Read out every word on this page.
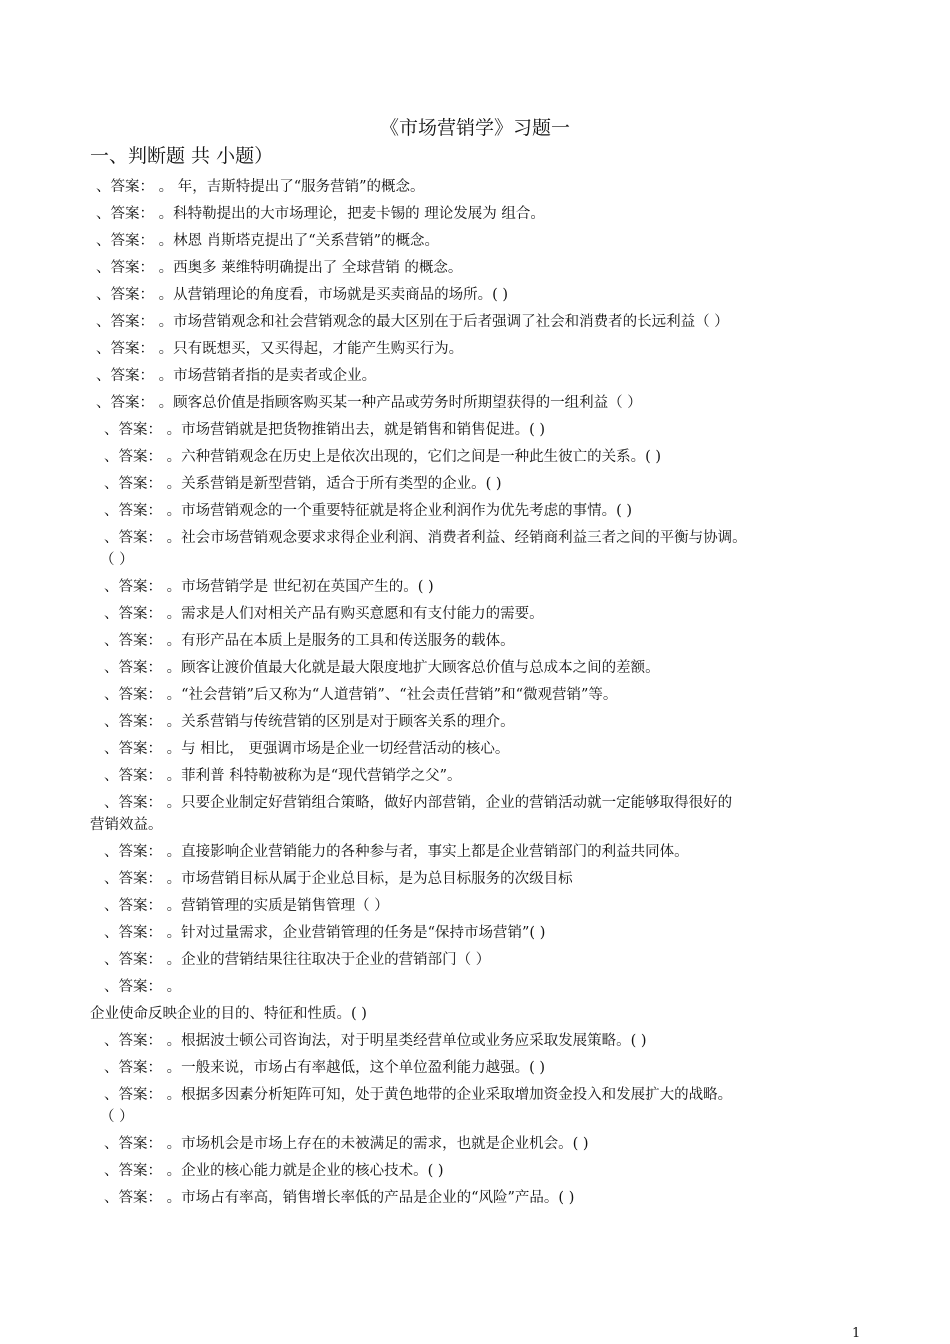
《市场营销学》习题一
一、判断题 共 小题）
、答案： 。 年，吉斯特提出了“服务营销”的概念。
、答案： 。科特勒提出的大市场理论，把麦卡锡的 理论发展为 组合。
、答案： 。林恩 肖斯塔克提出了“关系营销”的概念。
、答案： 。西奥多 莱维特明确提出了 全球营销 的概念。
、答案： 。从营销理论的角度看，市场就是买卖商品的场所。( )
、答案： 。市场营销观念和社会营销观念的最大区别在于后者强调了社会和消费者的长远利益（ ）
、答案： 。只有既想买，又买得起，才能产生购买行为。
、答案： 。市场营销者指的是卖者或企业。
、答案： 。顾客总价值是指顾客购买某一种产品或劳务时所期望获得的一组利益（ ）
、答案： 。市场营销就是把货物推销出去，就是销售和销售促进。( )
、答案： 。六种营销观念在历史上是依次出现的，它们之间是一种此生彼亡的关系。( )
、答案： 。关系营销是新型营销，适合于所有类型的企业。( )
、答案： 。市场营销观念的一个重要特征就是将企业利润作为优先考虑的事情。( )
、答案： 。社会市场营销观念要求求得企业利润、消费者利益、经销商利益三者之间的平衡与协调。
（ ）
、答案： 。市场营销学是 世纪初在英国产生的。( )
、答案： 。需求是人们对相关产品有购买意愿和有支付能力的需要。
、答案： 。有形产品在本质上是服务的工具和传送服务的载体。
、答案： 。顾客让渡价值最大化就是最大限度地扩大顾客总价值与总成本之间的差额。
、答案： 。“社会营销”后又称为“人道营销”、“社会责任营销”和“微观营销”等。
、答案： 。关系营销与传统营销的区别是对于顾客关系的理介。
、答案： 。与 相比， 更强调市场是企业一切经营活动的核心。
、答案： 。菲利普 科特勒被称为是“现代营销学之父”。
、答案： 。只要企业制定好营销组合策略，做好内部营销，企业的营销活动就一定能够取得很好的
营销效益。
、答案： 。直接影响企业营销能力的各种参与者，事实上都是企业营销部门的利益共同体。
、答案： 。市场营销目标从属于企业总目标，是为总目标服务的次级目标
、答案： 。营销管理的实质是销售管理（ ）
、答案： 。针对过量需求，企业营销管理的任务是“保持市场营销”( )
、答案： 。企业的营销结果往往取决于企业的营销部门（ ）
、答案： 。
企业使命反映企业的目的、特征和性质。( )
、答案： 。根据波士顿公司咨询法，对于明星类经营单位或业务应采取发展策略。( )
、答案： 。一般来说，市场占有率越低，这个单位盈利能力越强。( )
、答案： 。根据多因素分析矩阵可知，处于黄色地带的企业采取增加资金投入和发展扩大的战略。
（ ）
、答案： 。市场机会是市场上存在的未被满足的需求，也就是企业机会。( )
、答案： 。企业的核心能力就是企业的核心技术。( )
、答案： 。市场占有率高，销售增长率低的产品是企业的“风险”产品。( )
1
